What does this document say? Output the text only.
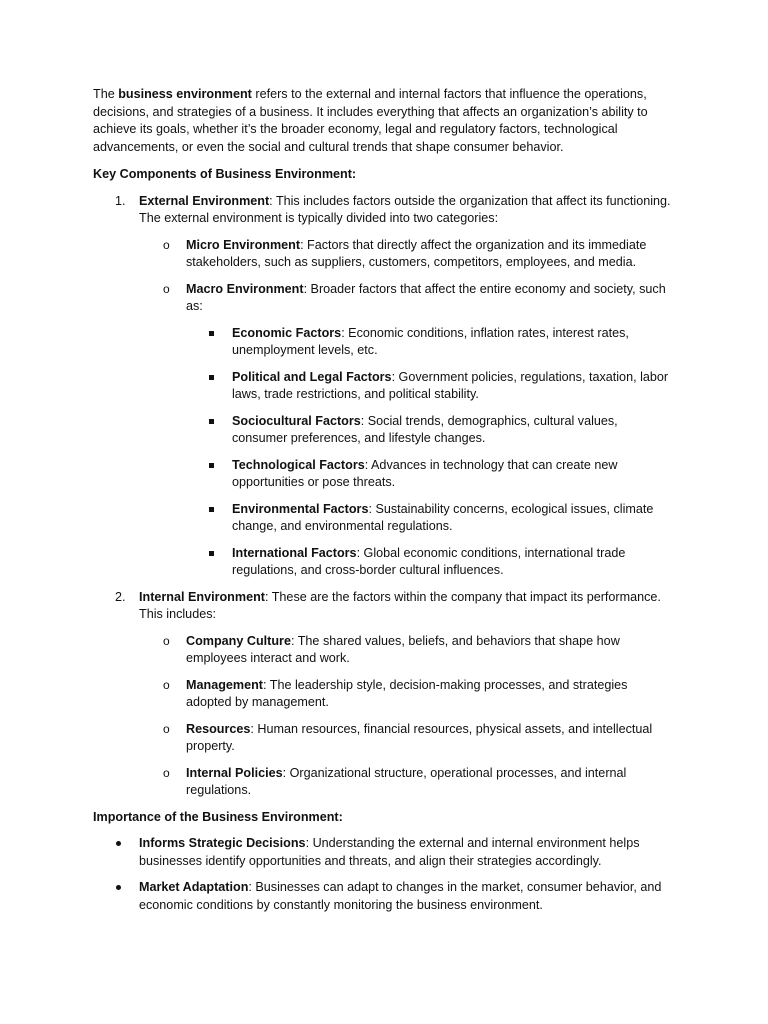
The business environment refers to the external and internal factors that influence the operations, decisions, and strategies of a business. It includes everything that affects an organization’s ability to achieve its goals, whether it’s the broader economy, legal and regulatory factors, technological advancements, or even the social and cultural trends that shape consumer behavior.

Key Components of Business Environment:

1. External Environment: This includes factors outside the organization that affect its functioning. The external environment is typically divided into two categories:
o Micro Environment: Factors that directly affect the organization and its immediate stakeholders, such as suppliers, customers, competitors, employees, and media.
o Macro Environment: Broader factors that affect the entire economy and society, such as:
Economic Factors: Economic conditions, inflation rates, interest rates, unemployment levels, etc.
Political and Legal Factors: Government policies, regulations, taxation, labor laws, trade restrictions, and political stability.
Sociocultural Factors: Social trends, demographics, cultural values, consumer preferences, and lifestyle changes.
Technological Factors: Advances in technology that can create new opportunities or pose threats.
Environmental Factors: Sustainability concerns, ecological issues, climate change, and environmental regulations.
International Factors: Global economic conditions, international trade regulations, and cross-border cultural influences.
2. Internal Environment: These are the factors within the company that impact its performance. This includes:
o Company Culture: The shared values, beliefs, and behaviors that shape how employees interact and work.
o Management: The leadership style, decision-making processes, and strategies adopted by management.
o Resources: Human resources, financial resources, physical assets, and intellectual property.
o Internal Policies: Organizational structure, operational processes, and internal regulations.

Importance of the Business Environment:

Informs Strategic Decisions: Understanding the external and internal environment helps businesses identify opportunities and threats, and align their strategies accordingly.
Market Adaptation: Businesses can adapt to changes in the market, consumer behavior, and economic conditions by constantly monitoring the business environment.
